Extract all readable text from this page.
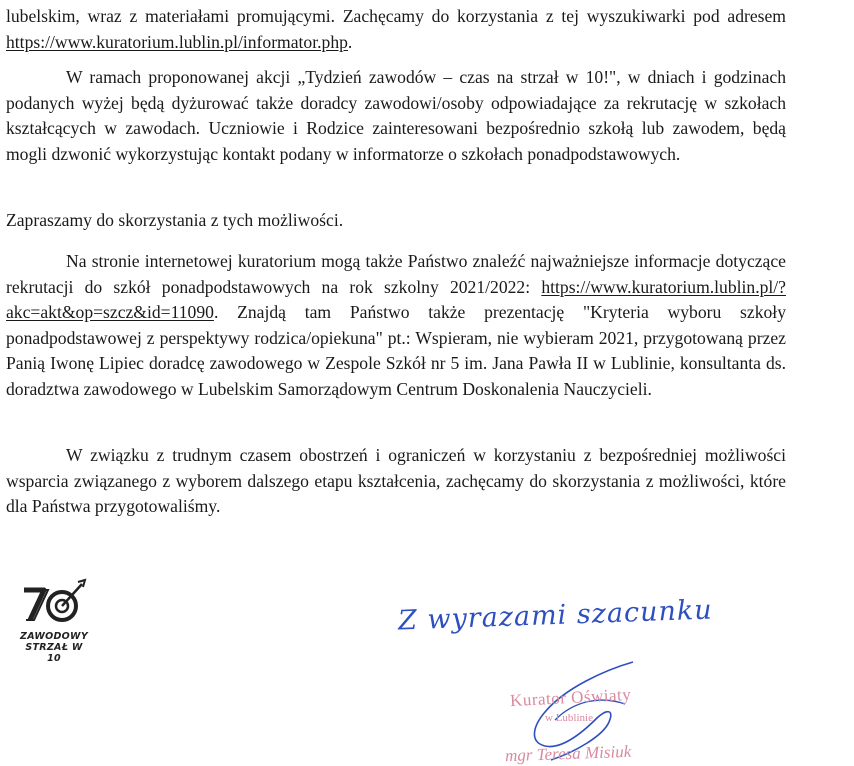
lubelskim, wraz z materiałami promującymi. Zachęcamy do korzystania z tej wyszukiwarki pod adresem https://www.kuratorium.lublin.pl/informator.php.

W ramach proponowanej akcji „Tydzień zawodów – czas na strzał w 10!", w dniach i godzinach podanych wyżej będą dyżurować także doradcy zawodowi/osoby odpowiadające za rekrutację w szkołach kształcących w zawodach. Uczniowie i Rodzice zainteresowani bezpośrednio szkołą lub zawodem, będą mogli dzwonić wykorzystując kontakt podany w informatorze o szkołach ponadpodstawowych.

Zapraszamy do skorzystania z tych możliwości.

Na stronie internetowej kuratorium mogą także Państwo znaleźć najważniejsze informacje dotyczące rekrutacji do szkół ponadpodstawowych na rok szkolny 2021/2022: https://www.kuratorium.lublin.pl/?akc=akt&op=szcz&id=11090. Znajdą tam Państwo także prezentację "Kryteria wyboru szkoły ponadpodstawowej z perspektywy rodzica/opiekuna" pt.: Wspieram, nie wybieram 2021, przygotowaną przez Panią Iwonę Lipiec doradcę zawodowego w Zespole Szkół nr 5 im. Jana Pawła II w Lublinie, konsultanta ds. doradztwa zawodowego w Lubelskim Samorządowym Centrum Doskonalenia Nauczycieli.

W związku z trudnym czasem obostrzeń i ograniczeń w korzystaniu z bezpośredniej możliwości wsparcia związanego z wyborem dalszego etapu kształcenia, zachęcamy do skorzystania z możliwości, które dla Państwa przygotowaliśmy.

ZAWODOWY
STRZAŁ W 10
Z wyrazami szacunku
Kurator Oświaty
w Lublinie
mgr Teresa Misiuk
